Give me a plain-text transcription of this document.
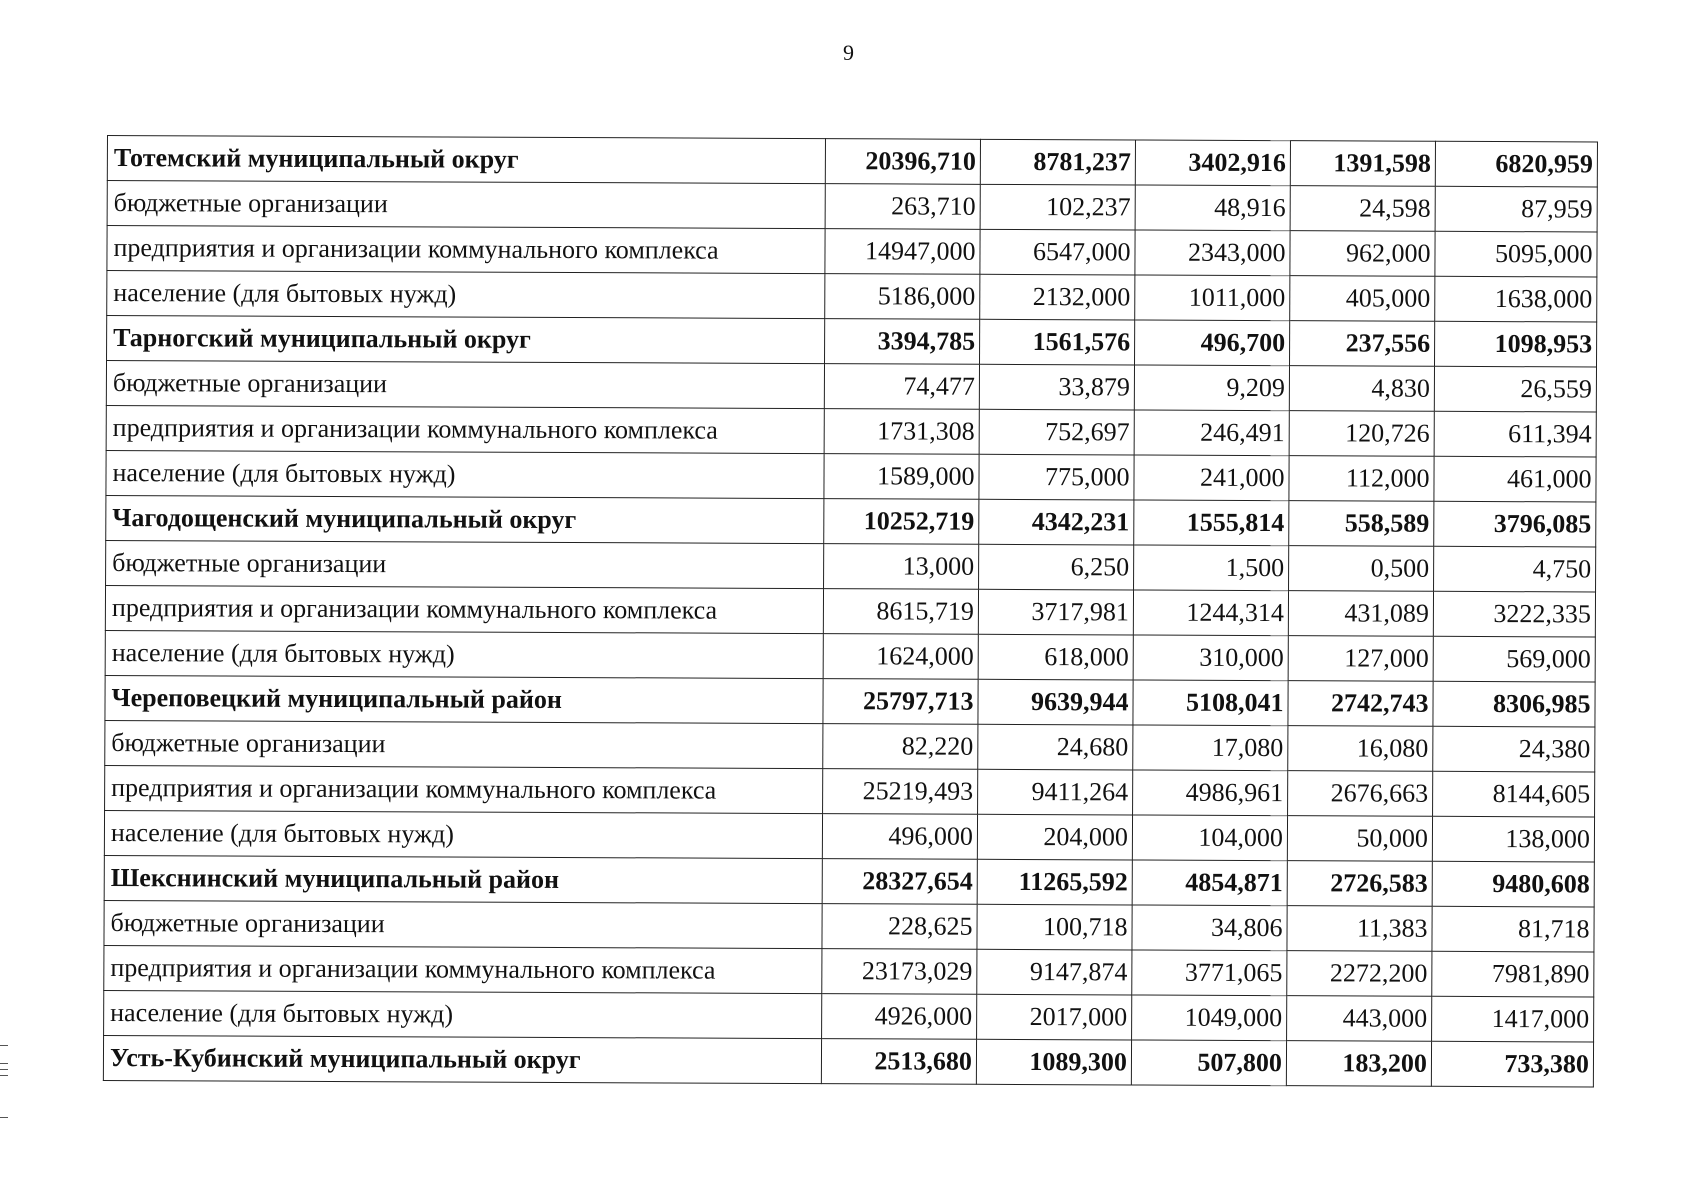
9
Тотемский муниципальный округ	20396,710	8781,237	3402,916	1391,598	6820,959
бюджетные организации	263,710	102,237	48,916	24,598	87,959
предприятия и организации коммунального комплекса	14947,000	6547,000	2343,000	962,000	5095,000
население (для бытовых нужд)	5186,000	2132,000	1011,000	405,000	1638,000
Тарногский муниципальный округ	3394,785	1561,576	496,700	237,556	1098,953
бюджетные организации	74,477	33,879	9,209	4,830	26,559
предприятия и организации коммунального комплекса	1731,308	752,697	246,491	120,726	611,394
население (для бытовых нужд)	1589,000	775,000	241,000	112,000	461,000
Чагодощенский муниципальный округ	10252,719	4342,231	1555,814	558,589	3796,085
бюджетные организации	13,000	6,250	1,500	0,500	4,750
предприятия и организации коммунального комплекса	8615,719	3717,981	1244,314	431,089	3222,335
население (для бытовых нужд)	1624,000	618,000	310,000	127,000	569,000
Череповецкий муниципальный район	25797,713	9639,944	5108,041	2742,743	8306,985
бюджетные организации	82,220	24,680	17,080	16,080	24,380
предприятия и организации коммунального комплекса	25219,493	9411,264	4986,961	2676,663	8144,605
население (для бытовых нужд)	496,000	204,000	104,000	50,000	138,000
Шекснинский муниципальный район	28327,654	11265,592	4854,871	2726,583	9480,608
бюджетные организации	228,625	100,718	34,806	11,383	81,718
предприятия и организации коммунального комплекса	23173,029	9147,874	3771,065	2272,200	7981,890
население (для бытовых нужд)	4926,000	2017,000	1049,000	443,000	1417,000
Усть-Кубинский муниципальный округ	2513,680	1089,300	507,800	183,200	733,380
